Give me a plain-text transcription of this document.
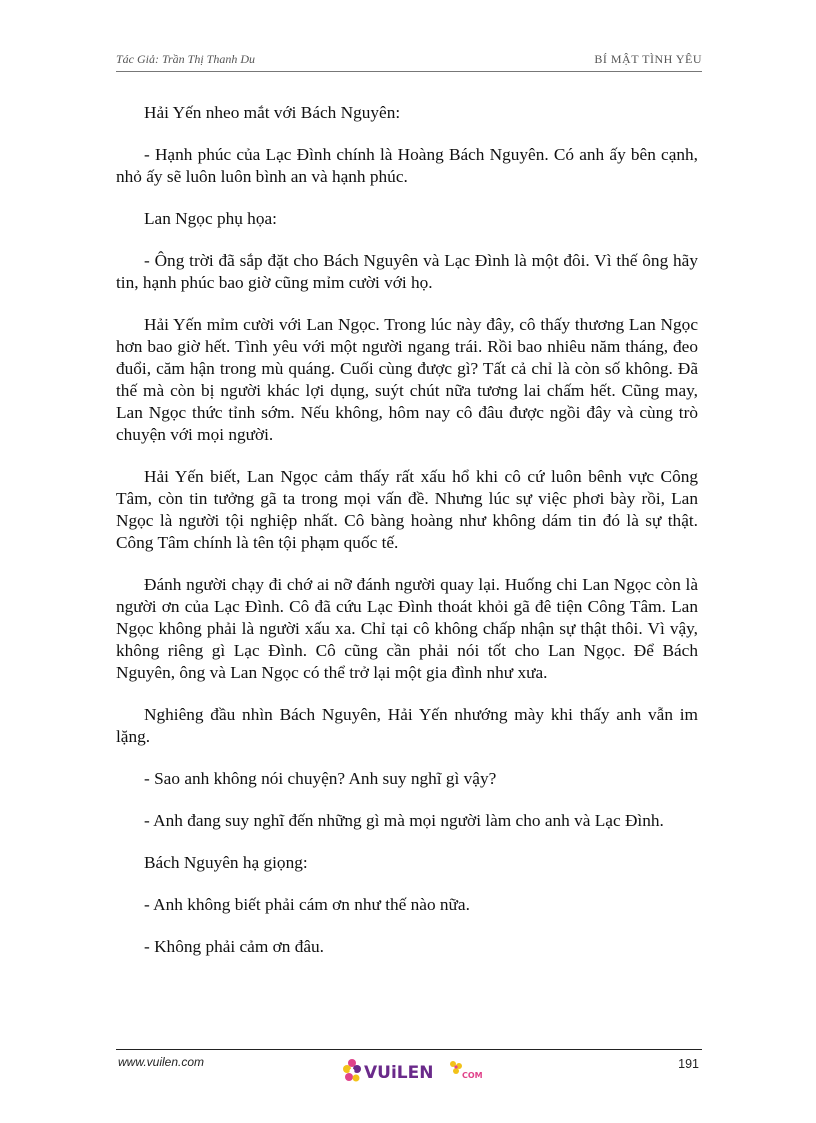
Tác Giả: Trần Thị Thanh Du	BÍ MẬT TÌNH YÊU

Hải Yến nheo mắt với Bách Nguyên:

- Hạnh phúc của Lạc Đình chính là Hoàng Bách Nguyên. Có anh ấy bên cạnh, nhỏ ấy sẽ luôn luôn bình an và hạnh phúc.

Lan Ngọc phụ họa:

- Ông trời đã sắp đặt cho Bách Nguyên và Lạc Đình là một đôi. Vì thế ông hãy tin, hạnh phúc bao giờ cũng mỉm cười với họ.

Hải Yến mỉm cười với Lan Ngọc. Trong lúc này đây, cô thấy thương Lan Ngọc hơn bao giờ hết. Tình yêu với một người ngang trái. Rồi bao nhiêu năm tháng, đeo đuổi, căm hận trong mù quáng. Cuối cùng được gì? Tất cả chỉ là còn số không. Đã thế mà còn bị người khác lợi dụng, suýt chút nữa tương lai chấm hết. Cũng may, Lan Ngọc thức tỉnh sớm. Nếu không, hôm nay cô đâu được ngồi đây và cùng trò chuyện với mọi người.

Hải Yến biết, Lan Ngọc cảm thấy rất xấu hổ khi cô cứ luôn bênh vực Công Tâm, còn tin tưởng gã ta trong mọi vấn đề. Nhưng lúc sự việc phơi bày rồi, Lan Ngọc là người tội nghiệp nhất. Cô bàng hoàng như không dám tin đó là sự thật. Công Tâm chính là tên tội phạm quốc tế.

Đánh người chạy đi chớ ai nỡ đánh người quay lại. Huống chi Lan Ngọc còn là người ơn của Lạc Đình. Cô đã cứu Lạc Đình thoát khỏi gã đê tiện Công Tâm. Lan Ngọc không phải là người xấu xa. Chỉ tại cô không chấp nhận sự thật thôi. Vì vậy, không riêng gì Lạc Đình. Cô cũng cần phải nói tốt cho Lan Ngọc. Để Bách Nguyên, ông và Lan Ngọc có thể trở lại một gia đình như xưa.

Nghiêng đầu nhìn Bách Nguyên, Hải Yến nhướng mày khi thấy anh vẫn im lặng.

- Sao anh không nói chuyện? Anh suy nghĩ gì vậy?

- Anh đang suy nghĩ đến những gì mà mọi người làm cho anh và Lạc Đình.

Bách Nguyên hạ giọng:

- Anh không biết phải cám ơn như thế nào nữa.

- Không phải cảm ơn đâu.

www.vuilen.com	191
VUiLEN	COM
